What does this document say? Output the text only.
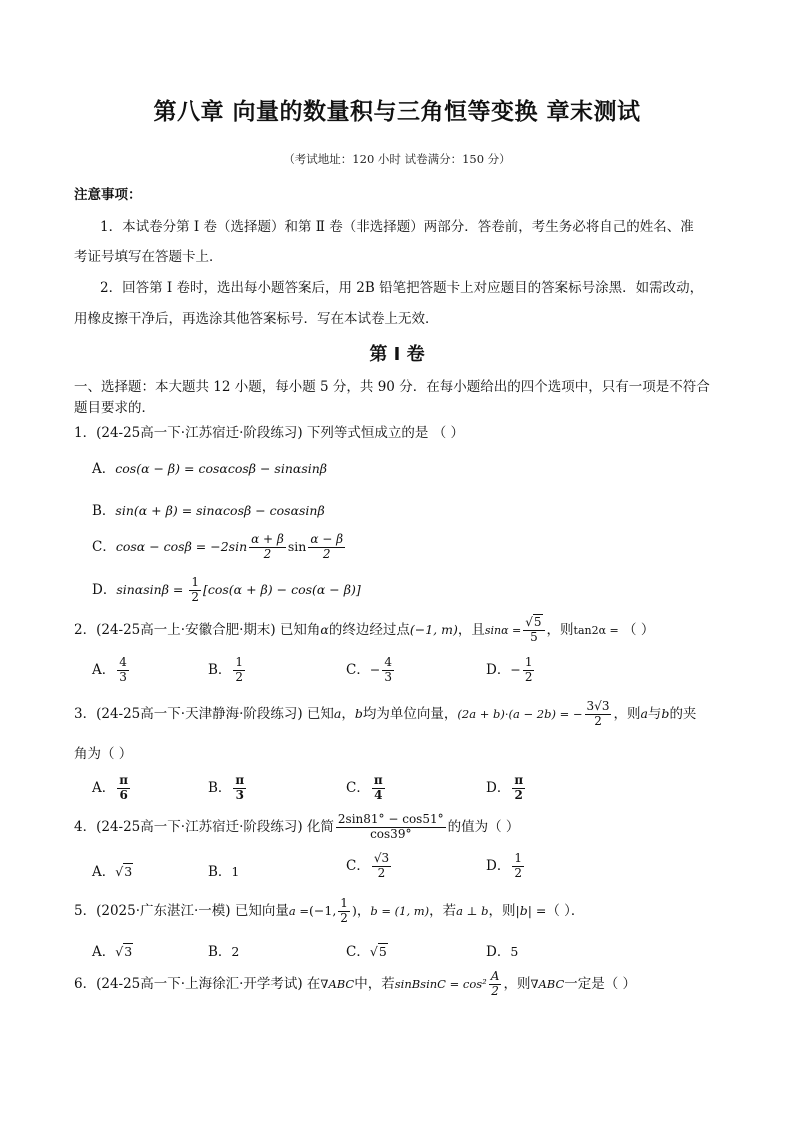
第八章 向量的数量积与三角恒等变换 章末测试
（考试地址：120 小时 试卷满分：150 分）
注意事项：
1．本试卷分第 Ⅰ 卷（选择题）和第 Ⅱ 卷（非选择题）两部分．答卷前，考生务必将自己的姓名、准
考证号填写在答题卡上．
2．回答第 Ⅰ 卷时，选出每小题答案后，用 2B 铅笔把答题卡上对应题目的答案标号涂黑．如需改动，
用橡皮擦干净后，再选涂其他答案标号．写在本试卷上无效．
第 Ⅰ 卷
一、选择题：本大题共 12 小题，每小题 5 分，共 90 分．在每小题给出的四个选项中，只有一项是不符合
题目要求的．
1．(24-25高一下·江苏宿迁·阶段练习) 下列等式恒成立的是 （ ）
A．cos(α − β) = cosαcosβ − sinαsinβ
B．sin(α + β) = sinαcosβ − cosαsinβ
C．$\cos\alpha - \cos\beta = -2\sin \frac{\alpha + \beta}{2}$ $\sin \frac{\alpha - \beta}{2}$
D．$\sin\alpha\sin\beta = \frac{1}{2} [\cos(\alpha + \beta) - \cos(\alpha - \beta)]$
2．(24-25高一上·安徽合肥·期末) 已知角α的终边经过点(−1, m)，且$\sin\alpha = \frac{√5}{5}$ ，则tan2α = （ ）
A． $\frac{4}{3}$	B． $\frac{1}{2}$	C．− $\frac{4}{3}$	D．− $\frac{1}{2}$
3．(24-25高一下·天津静海·阶段练习) 已知a，b均为单位向量，(2a + b)·(a − 2b) = − $\frac{3√3}{2}$ ，则a与b的夹
角为（ ）
A． $\frac{\pi}{6}$	B． $\frac{\pi}{3}$	C． $\frac{\pi}{4}$	D． $\frac{\pi}{2}$
4．(24-25高一下·江苏宿迁·阶段练习) 化简 $\frac{2\sin 81^\circ - \cos 51^\circ}{\cos 39^\circ}$ 的值为（ ）
A．√3	B．1	C． $\frac{√3}{2}$	D． $\frac{1}{2}$
5．(2025·广东湛江·一模) 已知向量a =(−1, $\frac{1}{2}$ )，b = (1, m)，若a ⊥ b，则|b| =（ ）．
A．√3	B．2	C．√5	D．5
6．(24-25高一下·上海徐汇·开学考试) 在∇ABC中，若sinBsinC = $\cos^2 \frac{A}{2}$ ，则∇ABC一定是（ ）
